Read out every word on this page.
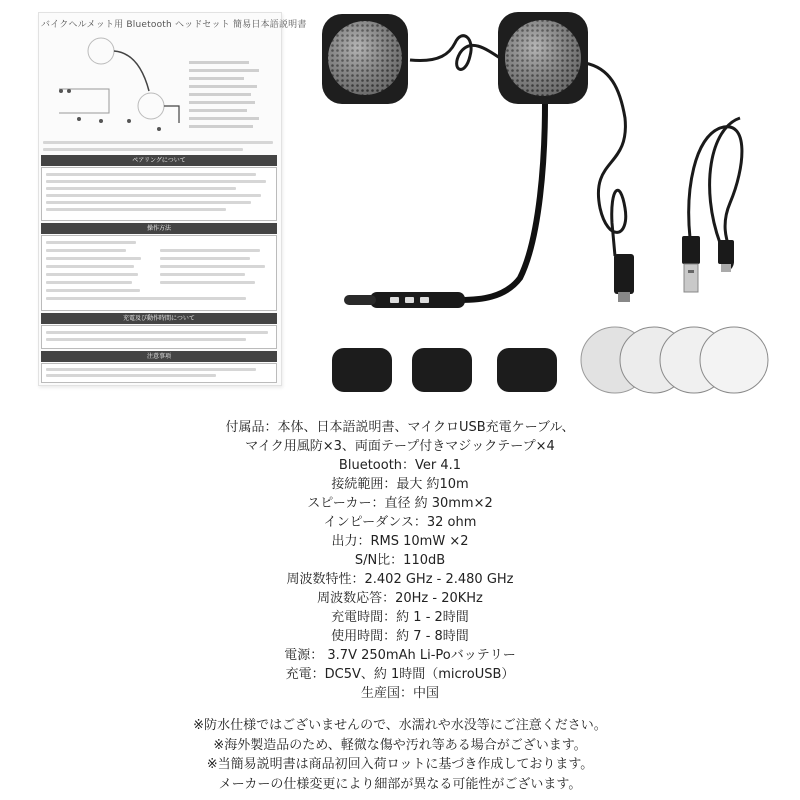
バイクヘルメット用 Bluetooth ヘッドセット 簡易日本語説明書
ペアリングについて
操作方法
充電及び動作時間について
注意事項
付属品：本体、日本語説明書、マイクロUSB充電ケーブル、
マイク用風防×3、両面テープ付きマジックテープ×4
Bluetooth：Ver 4.1
接続範囲：最大 約10m
スピーカー：直径 約 30mm×2
インピーダンス：32 ohm
出力：RMS 10mW ×2
S/N比：110dB
周波数特性：2.402 GHz - 2.480 GHz
周波数応答：20Hz - 20KHz
充電時間：約 1 - 2時間
使用時間：約 7 - 8時間
電源： 3.7V 250mAh Li-Poバッテリー
充電：DC5V、約 1時間（microUSB）
生産国：中国
※防水仕様ではございませんので、水濡れや水没等にご注意ください。
※海外製造品のため、軽微な傷や汚れ等ある場合がございます。
※当簡易説明書は商品初回入荷ロットに基づき作成しております。
メーカーの仕様変更により細部が異なる可能性がございます。
